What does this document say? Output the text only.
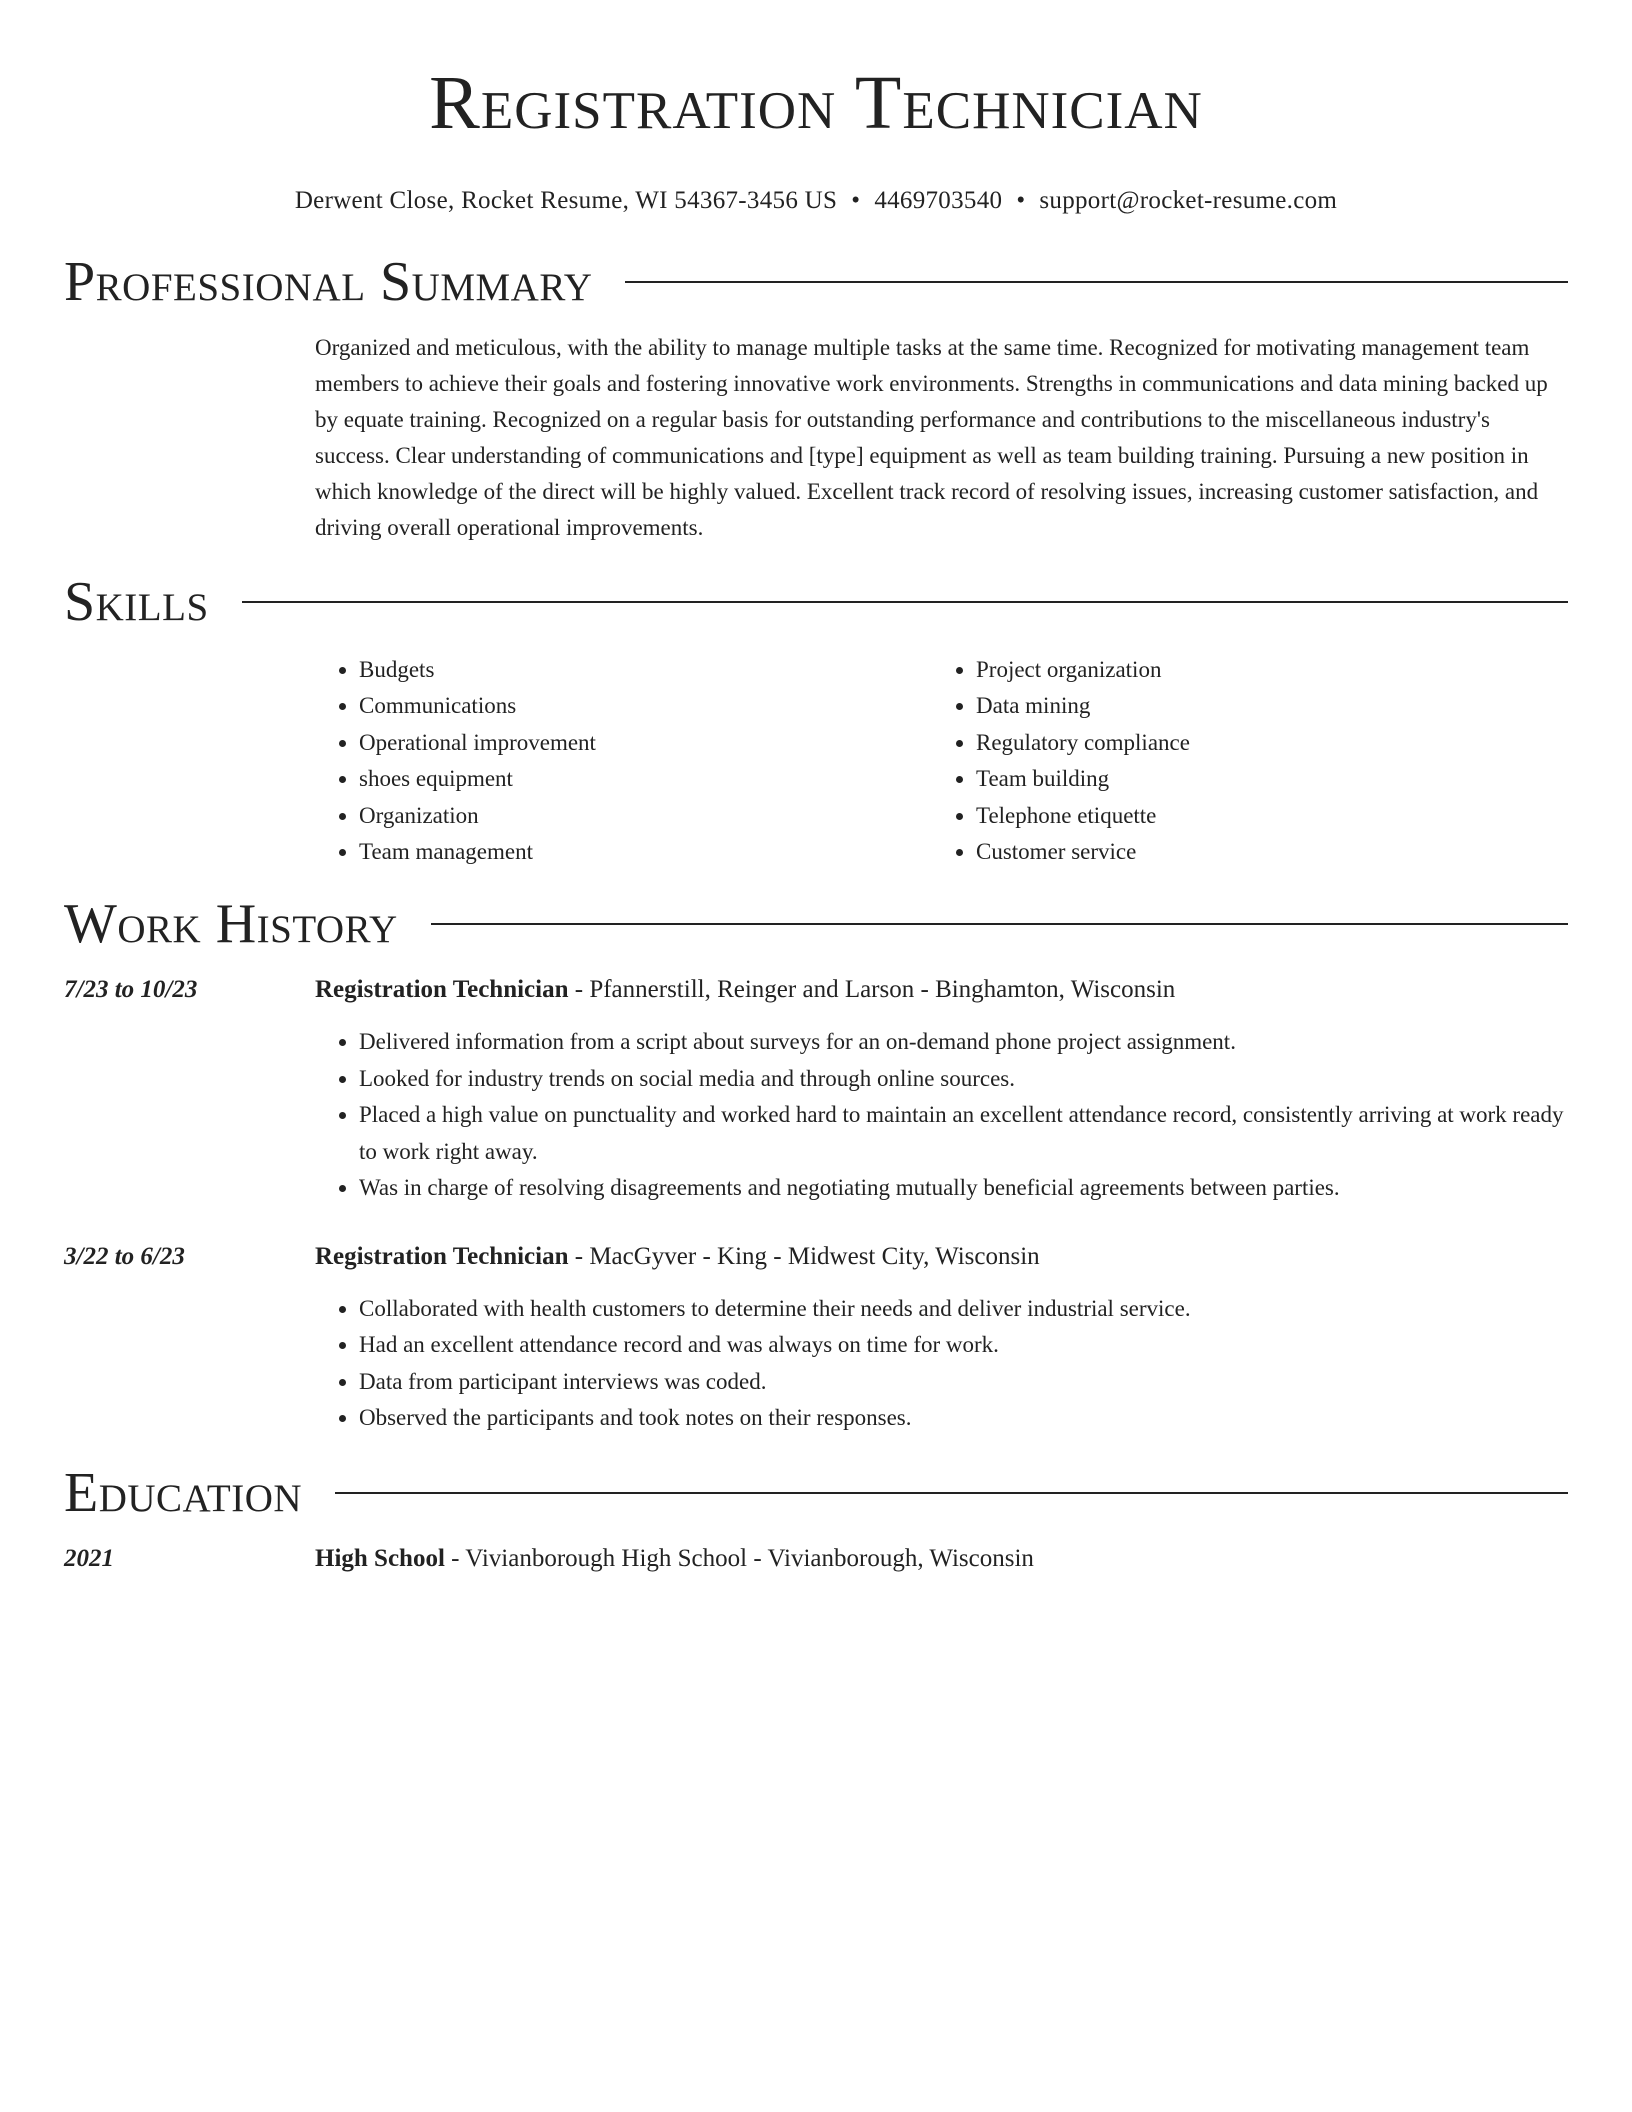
Registration Technician
Derwent Close, Rocket Resume, WI 54367-3456 US • 4469703540 • support@rocket-resume.com
Professional Summary

Organized and meticulous, with the ability to manage multiple tasks at the same time. Recognized for motivating management team members to achieve their goals and fostering innovative work environments. Strengths in communications and data mining backed up by equate training. Recognized on a regular basis for outstanding performance and contributions to the miscellaneous industry's success. Clear understanding of communications and [type] equipment as well as team building training. Pursuing a new position in which knowledge of the direct will be highly valued. Excellent track record of resolving issues, increasing customer satisfaction, and driving overall operational improvements.

Skills
• Budgets
• Communications
• Operational improvement
• shoes equipment
• Organization
• Team management
• Project organization
• Data mining
• Regulatory compliance
• Team building
• Telephone etiquette
• Customer service
Work History
7/23 to 10/23	Registration Technician - Pfannerstill, Reinger and Larson - Binghamton, Wisconsin
• Delivered information from a script about surveys for an on-demand phone project assignment.
• Looked for industry trends on social media and through online sources.
• Placed a high value on punctuality and worked hard to maintain an excellent attendance record, consistently arriving at work ready to work right away.
• Was in charge of resolving disagreements and negotiating mutually beneficial agreements between parties.
3/22 to 6/23	Registration Technician - MacGyver - King - Midwest City, Wisconsin
• Collaborated with health customers to determine their needs and deliver industrial service.
• Had an excellent attendance record and was always on time for work.
• Data from participant interviews was coded.
• Observed the participants and took notes on their responses.
Education
2021	High School - Vivianborough High School - Vivianborough, Wisconsin
